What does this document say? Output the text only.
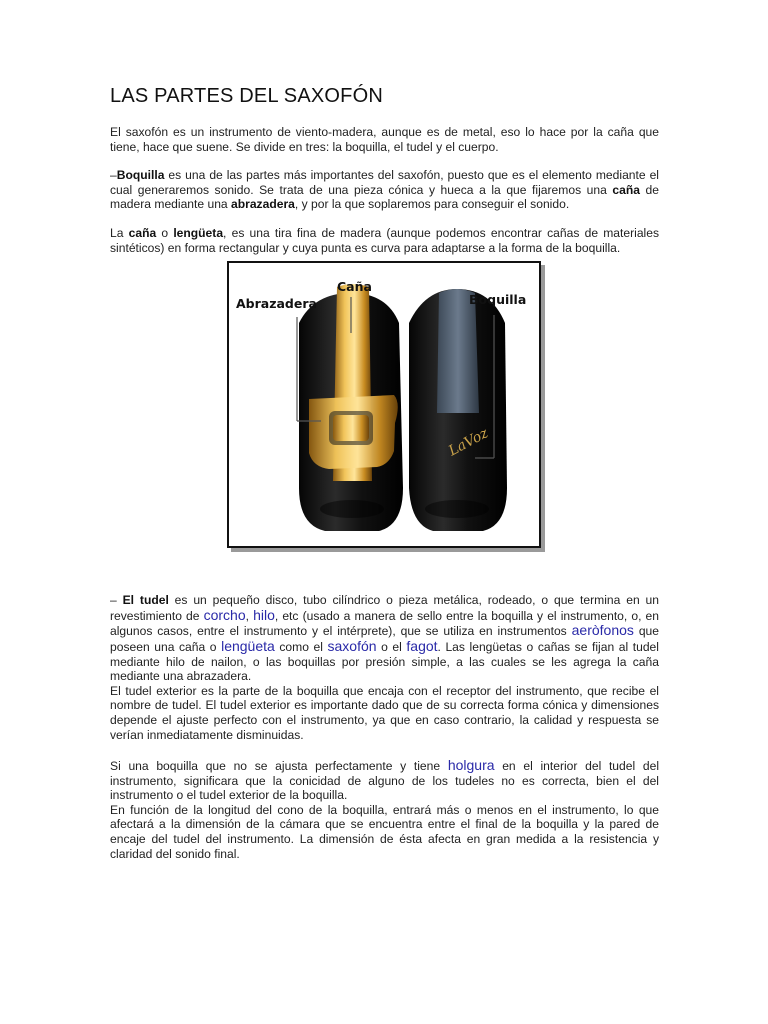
LAS PARTES DEL SAXOFÓN

El saxofón es un instrumento de viento-madera, aunque es de metal, eso lo hace por la caña que tiene, hace que suene. Se divide en tres: la boquilla, el tudel y el cuerpo.

–Boquilla es una de las partes más importantes del saxofón, puesto que es el elemento mediante el cual generaremos sonido. Se trata de una pieza cónica y hueca a la que fijaremos una caña de madera mediante una abrazadera, y por la que soplaremos para conseguir el sonido.

La caña o lengüeta, es una tira fina de madera (aunque podemos encontrar cañas de materiales sintéticos) en forma rectangular y cuya punta es curva para adaptarse a la forma de la boquilla.

LaVoz
Caña
Abrazadera	Boquilla

– El tudel es un pequeño disco, tubo cilíndrico o pieza metálica, rodeado, o que termina en un revestimiento de corcho, hilo, etc (usado a manera de sello entre la boquilla y el instrumento, o, en algunos casos, entre el instrumento y el intérprete), que se utiliza en instrumentos aeròfonos que poseen una caña o lengüeta como el saxofón o el fagot. Las lengüetas o cañas se fijan al tudel mediante hilo de nailon, o las boquillas por presión simple, a las cuales se les agrega la caña mediante una abrazadera.

El tudel exterior es la parte de la boquilla que encaja con el receptor del instrumento, que recibe el nombre de tudel. El tudel exterior es importante dado que de su correcta forma cónica y dimensiones depende el ajuste perfecto con el instrumento, ya que en caso contrario, la calidad y respuesta se verían inmediatamente disminuidas.

Si una boquilla que no se ajusta perfectamente y tiene holgura en el interior del tudel del instrumento, significara que la conicidad de alguno de los tudeles no es correcta, bien el del instrumento o el tudel exterior de la boquilla.

En función de la longitud del cono de la boquilla, entrará más o menos en el instrumento, lo que afectará a la dimensión de la cámara que se encuentra entre el final de la boquilla y la pared de encaje del tudel del instrumento. La dimensión de ésta afecta en gran medida a la resistencia y claridad del sonido final.
